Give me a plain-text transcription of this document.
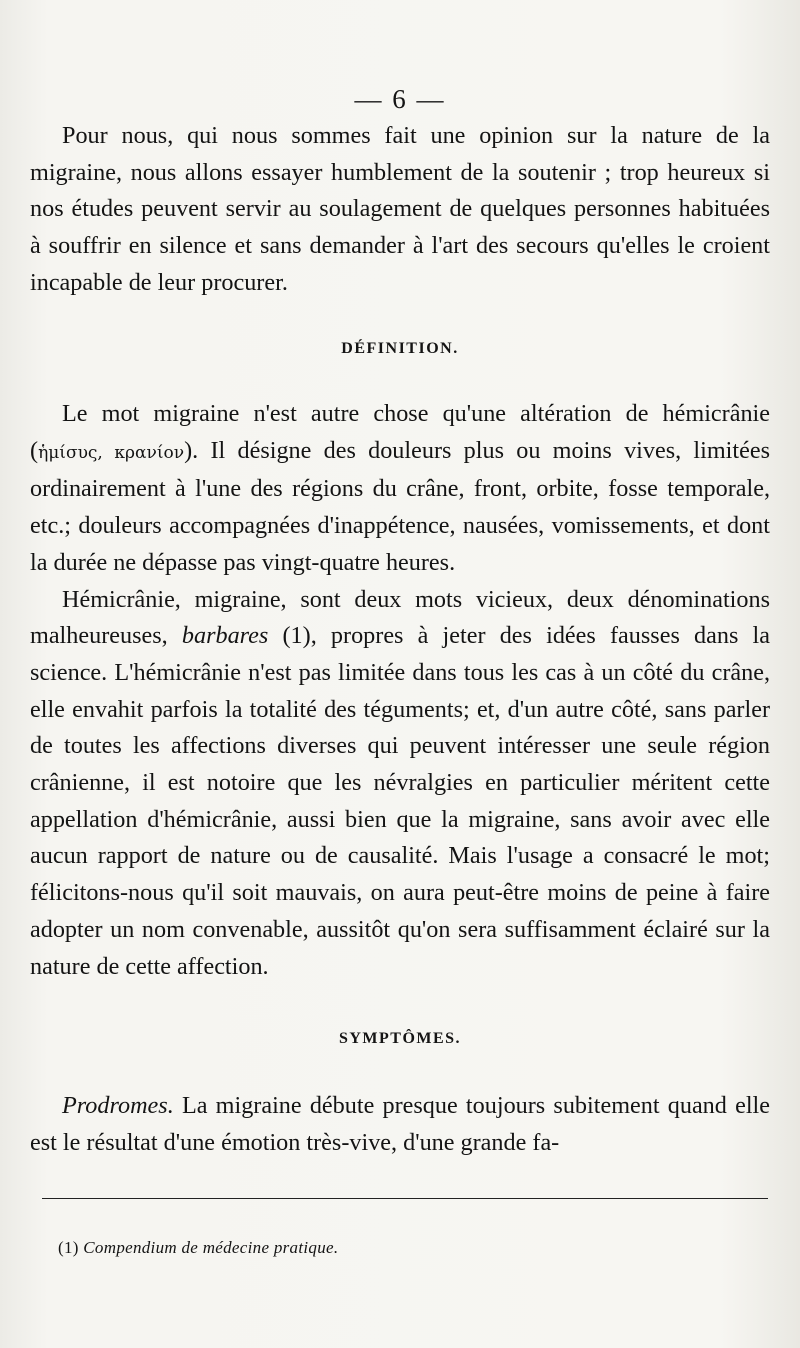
— 6 —

Pour nous, qui nous sommes fait une opinion sur la nature de la migraine, nous allons essayer humblement de la soutenir ; trop heureux si nos études peuvent servir au soulagement de quelques personnes habituées à souffrir en silence et sans demander à l'art des secours qu'elles le croient incapable de leur procurer.

DÉFINITION.

Le mot migraine n'est autre chose qu'une altération de hémicrânie (ἡμίσυς, κρανίον). Il désigne des douleurs plus ou moins vives, limitées ordinairement à l'une des régions du crâne, front, orbite, fosse temporale, etc.; douleurs accompagnées d'inappétence, nausées, vomissements, et dont la durée ne dépasse pas vingt-quatre heures.

Hémicrânie, migraine, sont deux mots vicieux, deux dénominations malheureuses, barbares (1), propres à jeter des idées fausses dans la science. L'hémicrânie n'est pas limitée dans tous les cas à un côté du crâne, elle envahit parfois la totalité des téguments; et, d'un autre côté, sans parler de toutes les affections diverses qui peuvent intéresser une seule région crânienne, il est notoire que les névralgies en particulier méritent cette appellation d'hémicrânie, aussi bien que la migraine, sans avoir avec elle aucun rapport de nature ou de causalité. Mais l'usage a consacré le mot; félicitons-nous qu'il soit mauvais, on aura peut-être moins de peine à faire adopter un nom convenable, aussitôt qu'on sera suffisamment éclairé sur la nature de cette affection.

SYMPTÔMES.

Prodromes. La migraine débute presque toujours subitement quand elle est le résultat d'une émotion très-vive, d'une grande fa-

(1) Compendium de médecine pratique.
